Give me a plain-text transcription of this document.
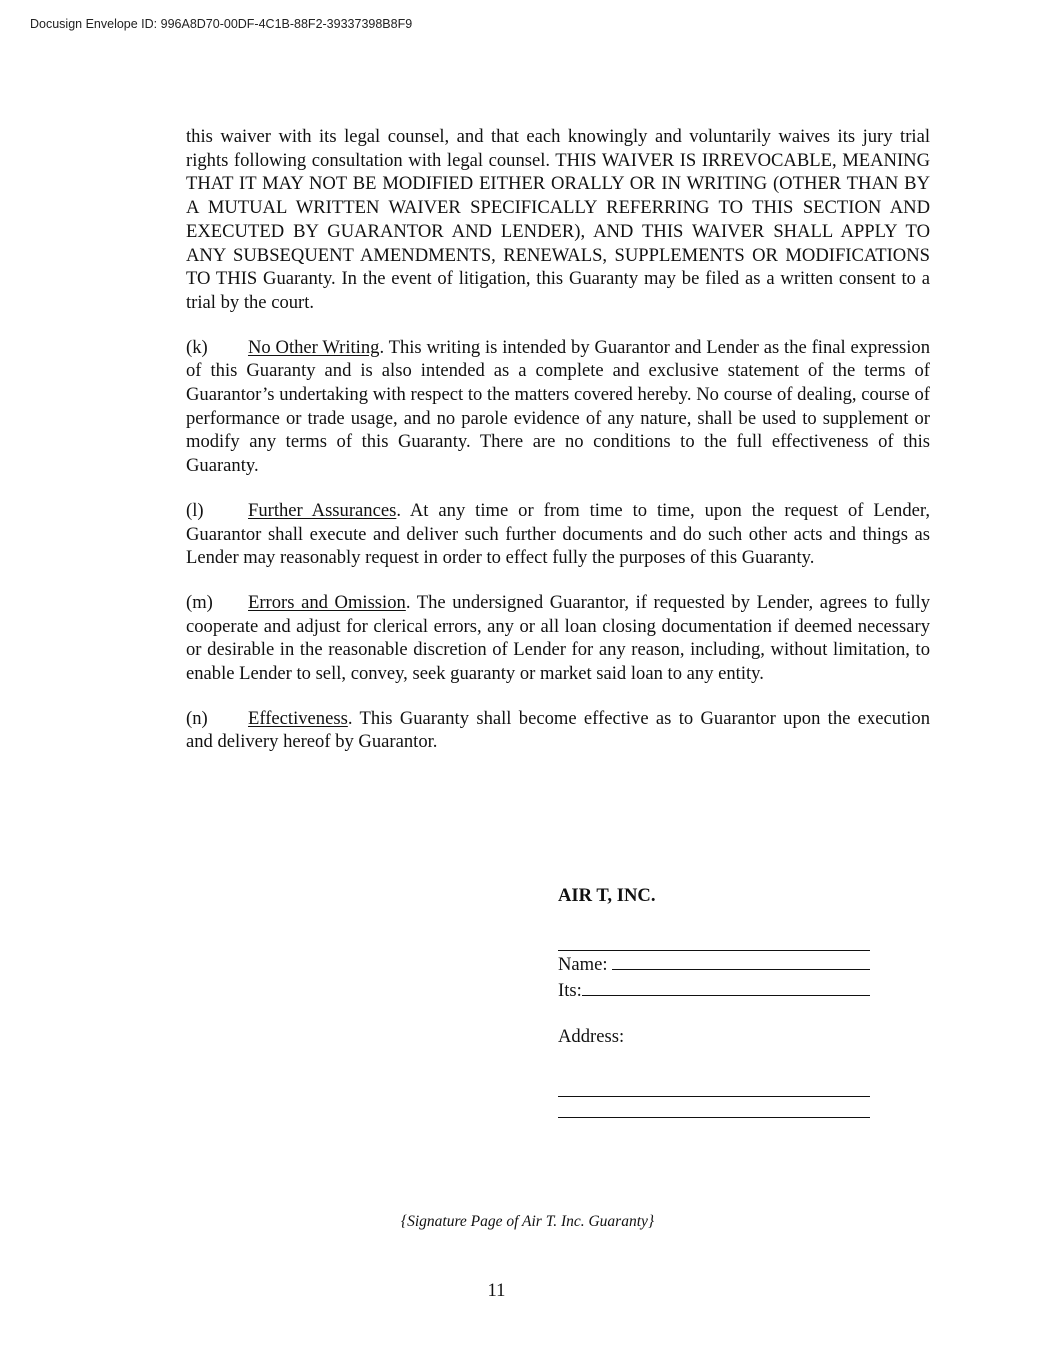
Docusign Envelope ID: 996A8D70-00DF-4C1B-88F2-39337398B8F9

this waiver with its legal counsel, and that each knowingly and voluntarily waives its jury trial rights following consultation with legal counsel. THIS WAIVER IS IRREVOCABLE, MEANING THAT IT MAY NOT BE MODIFIED EITHER ORALLY OR IN WRITING (OTHER THAN BY A MUTUAL WRITTEN WAIVER SPECIFICALLY REFERRING TO THIS SECTION AND EXECUTED BY GUARANTOR AND LENDER), AND THIS WAIVER SHALL APPLY TO ANY SUBSEQUENT AMENDMENTS, RENEWALS, SUPPLEMENTS OR MODIFICATIONS TO THIS Guaranty. In the event of litigation, this Guaranty may be filed as a written consent to a trial by the court.

(k) No Other Writing. This writing is intended by Guarantor and Lender as the final expression of this Guaranty and is also intended as a complete and exclusive statement of the terms of Guarantor’s undertaking with respect to the matters covered hereby. No course of dealing, course of performance or trade usage, and no parole evidence of any nature, shall be used to supplement or modify any terms of this Guaranty. There are no conditions to the full effectiveness of this Guaranty.

(l) Further Assurances. At any time or from time to time, upon the request of Lender, Guarantor shall execute and deliver such further documents and do such other acts and things as Lender may reasonably request in order to effect fully the purposes of this Guaranty.

(m) Errors and Omission. The undersigned Guarantor, if requested by Lender, agrees to fully cooperate and adjust for clerical errors, any or all loan closing documentation if deemed necessary or desirable in the reasonable discretion of Lender for any reason, including, without limitation, to enable Lender to sell, convey, seek guaranty or market said loan to any entity.

(n) Effectiveness. This Guaranty shall become effective as to Guarantor upon the execution and delivery hereof by Guarantor.

AIR T, INC.
Name:
Its:
Address:
{Signature Page of Air T. Inc. Guaranty}
11
